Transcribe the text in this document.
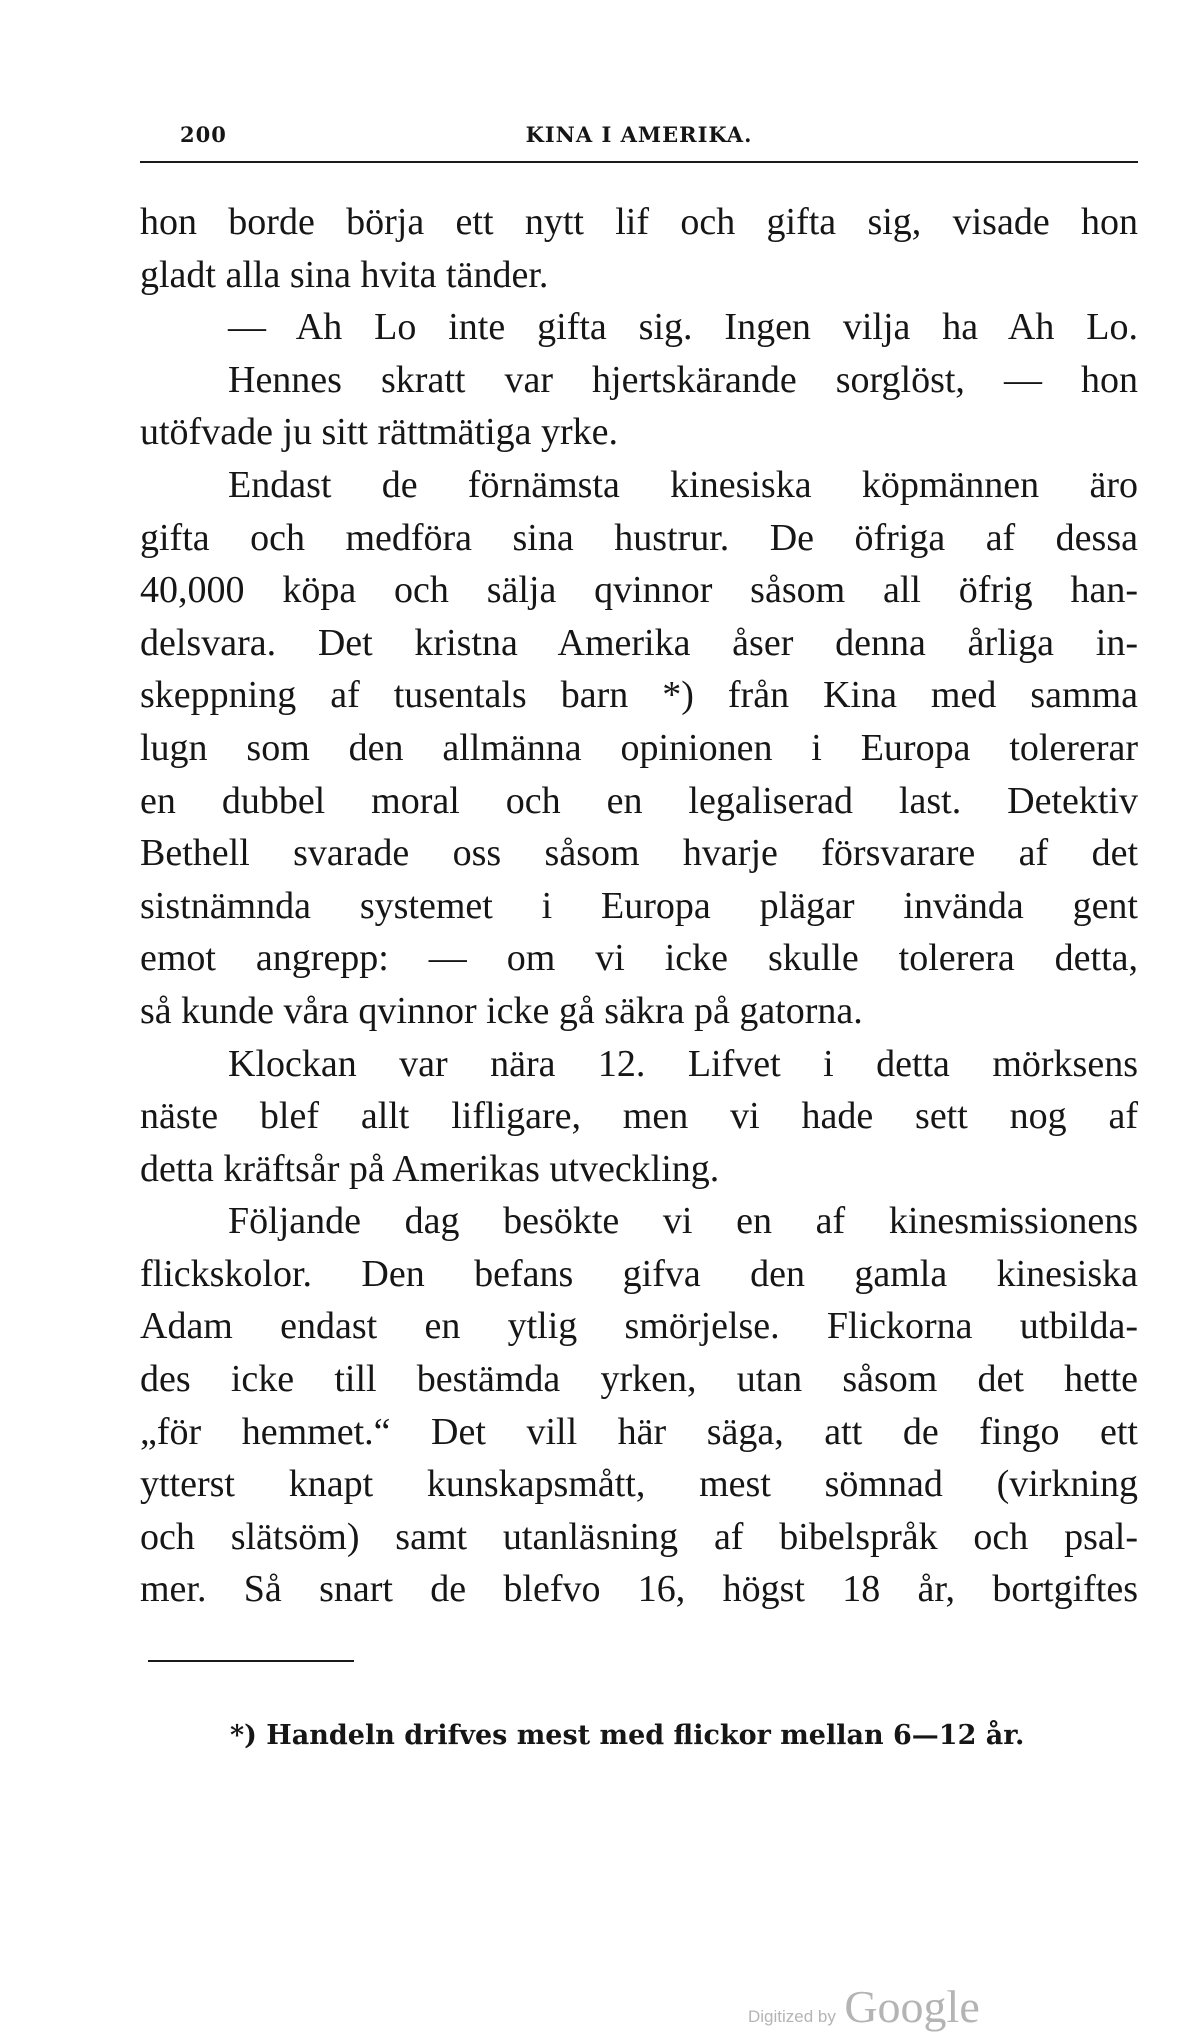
200	KINA I AMERIKA.
hon borde börja ett nytt lif och gifta sig, visade hon
gladt alla sina hvita tänder.
— Ah Lo inte gifta sig. Ingen vilja ha Ah Lo.
Hennes skratt var hjertskärande sorglöst, — hon
utöfvade ju sitt rättmätiga yrke.
Endast de förnämsta kinesiska köpmännen äro
gifta och medföra sina hustrur. De öfriga af dessa
40,000 köpa och sälja qvinnor såsom all öfrig han-
delsvara. Det kristna Amerika åser denna årliga in-
skeppning af tusentals barn *) från Kina med samma
lugn som den allmänna opinionen i Europa tolererar
en dubbel moral och en legaliserad last. Detektiv
Bethell svarade oss såsom hvarje försvarare af det
sistnämnda systemet i Europa plägar invända gent
emot angrepp: — om vi icke skulle tolerera detta,
så kunde våra qvinnor icke gå säkra på gatorna.
Klockan var nära 12. Lifvet i detta mörksens
näste blef allt lifligare, men vi hade sett nog af
detta kräftsår på Amerikas utveckling.
Följande dag besökte vi en af kinesmissionens
flickskolor. Den befans gifva den gamla kinesiska
Adam endast en ytlig smörjelse. Flickorna utbilda-
des icke till bestämda yrken, utan såsom det hette
„för hemmet.“ Det vill här säga, att de fingo ett
ytterst knapt kunskapsmått, mest sömnad (virkning
och slätsöm) samt utanläsning af bibelspråk och psal-
mer. Så snart de blefvo 16, högst 18 år, bortgiftes
*) Handeln drifves mest med flickor mellan 6—12 år.
Digitized by Google
